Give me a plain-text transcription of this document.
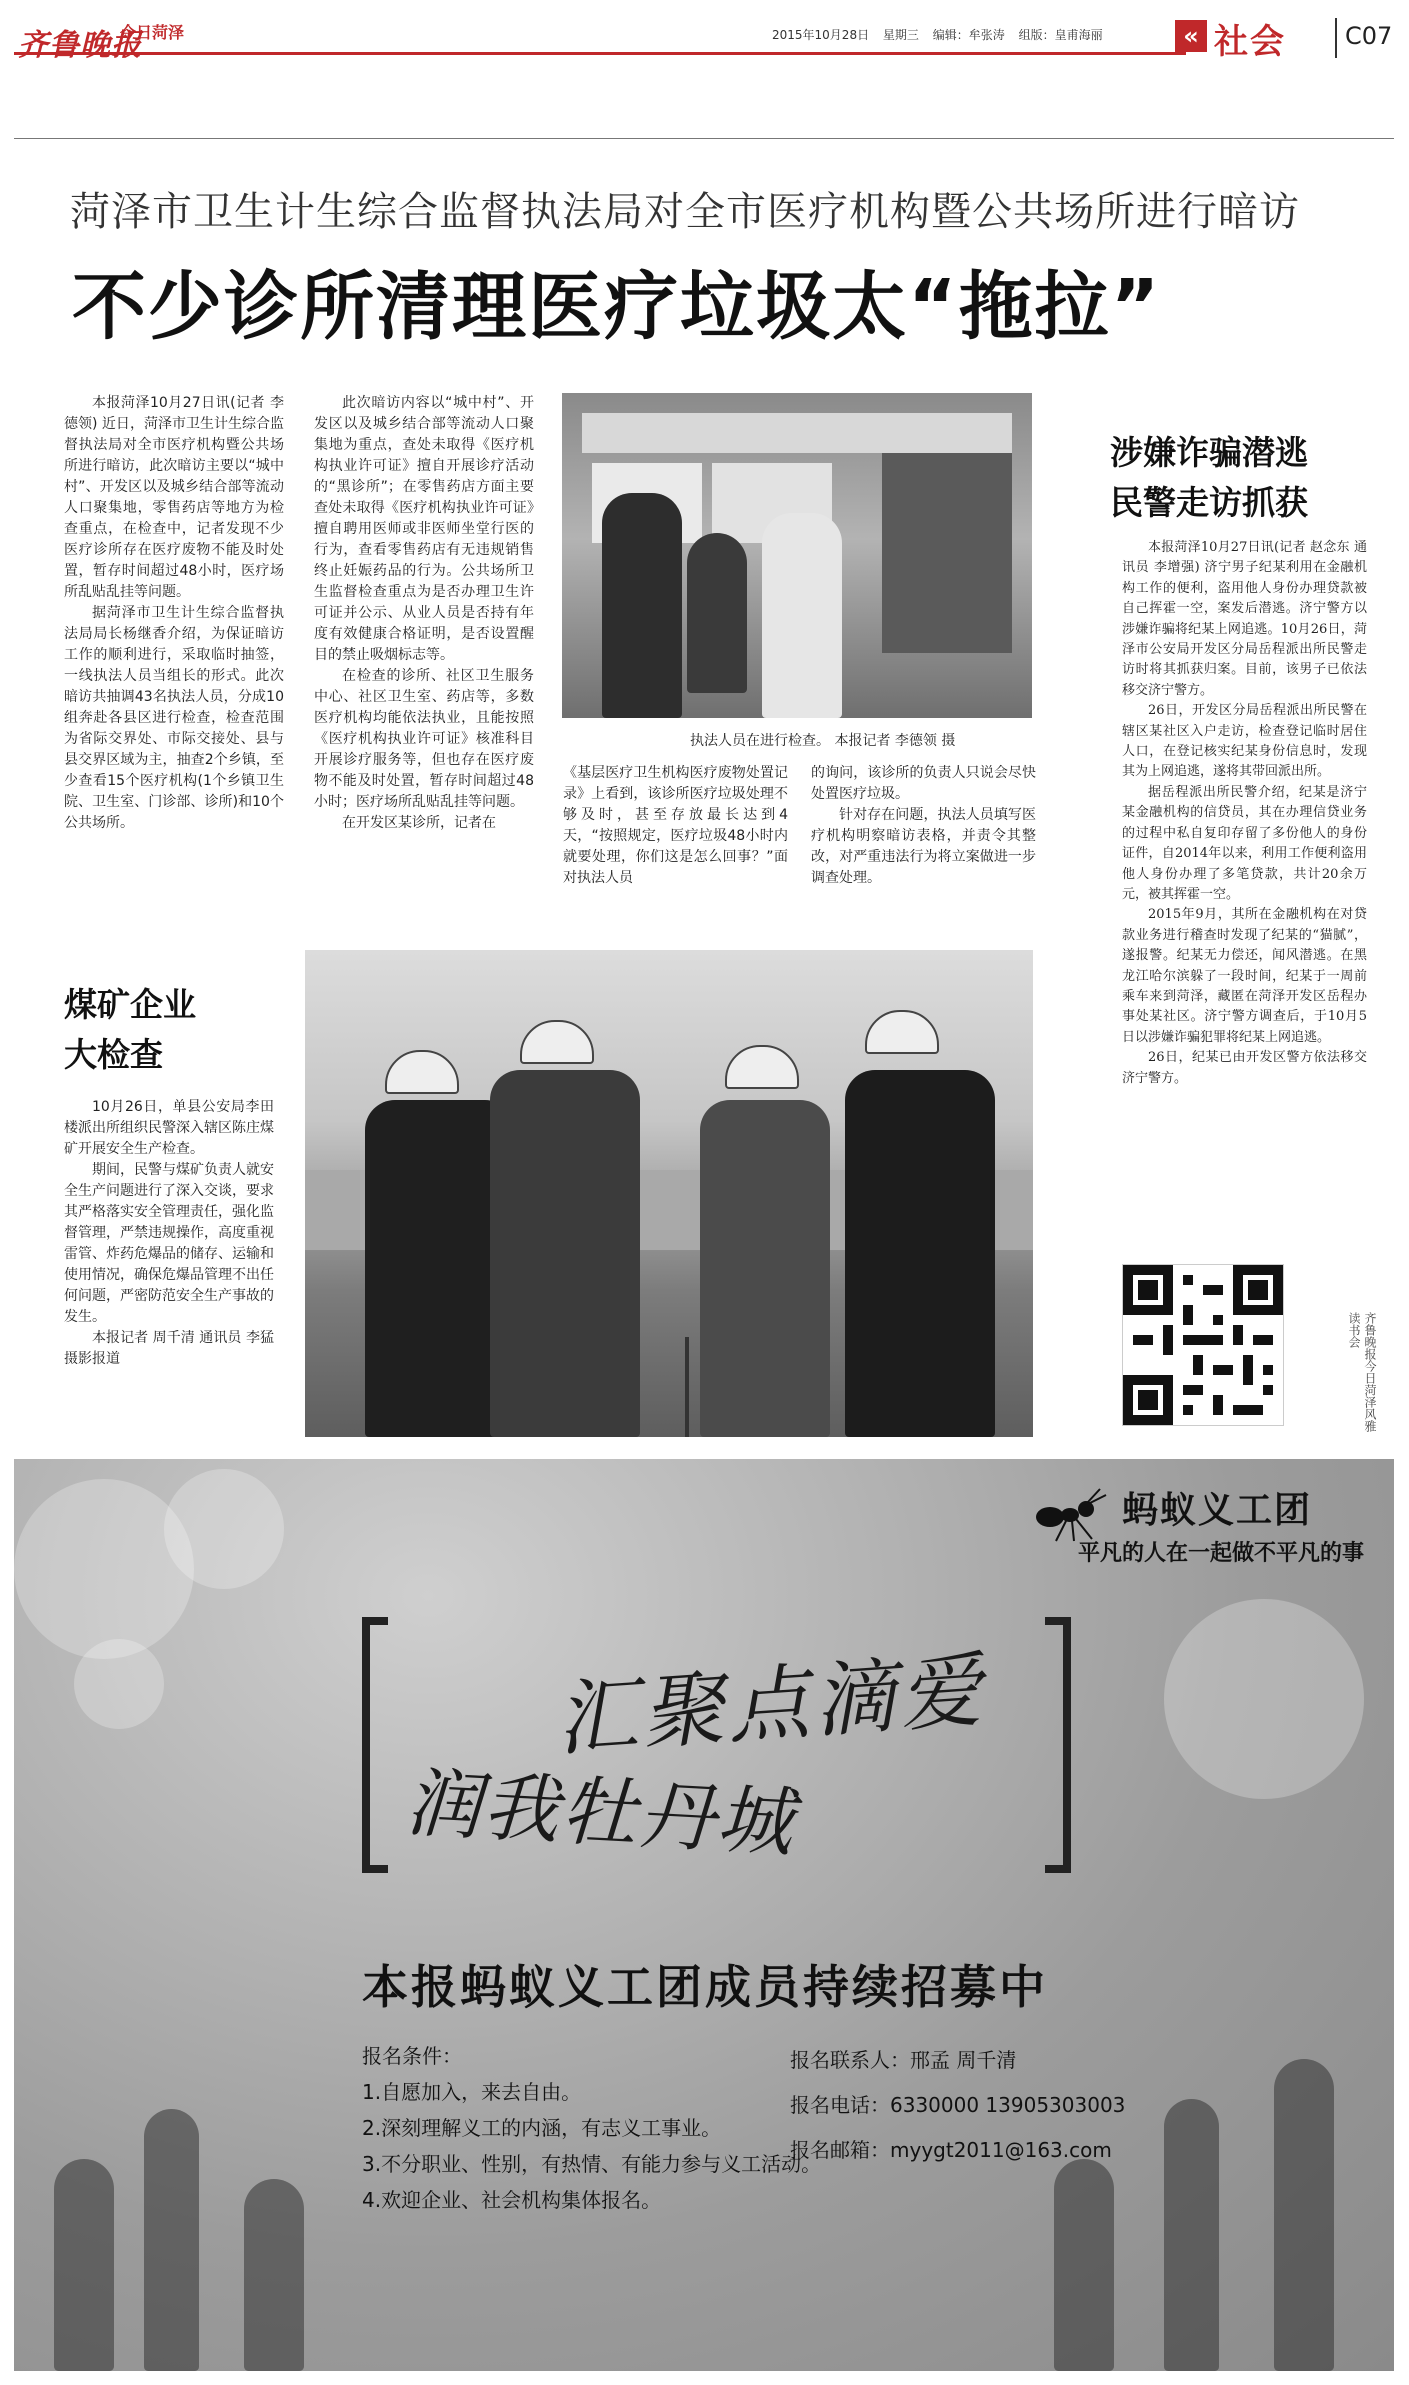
齐鲁晚报
今日菏泽	2015年10月28日 星期三 编辑：牟张涛 组版：皇甫海丽	« 社会 C07
菏泽市卫生计生综合监督执法局对全市医疗机构暨公共场所进行暗访
不少诊所清理医疗垃圾太“拖拉”

本报菏泽10月27日讯(记者 李德领) 近日，菏泽市卫生计生综合监督执法局对全市医疗机构暨公共场所进行暗访，此次暗访主要以“城中村”、开发区以及城乡结合部等流动人口聚集地，零售药店等地方为检查重点，在检查中，记者发现不少医疗诊所存在医疗废物不能及时处置，暂存时间超过48小时，医疗场所乱贴乱挂等问题。

据菏泽市卫生计生综合监督执法局局长杨继香介绍，为保证暗访工作的顺利进行，采取临时抽签，一线执法人员当组长的形式。此次暗访共抽调43名执法人员，分成10组奔赴各县区进行检查，检查范围为省际交界处、市际交接处、县与县交界区域为主，抽查2个乡镇，至少查看15个医疗机构(1个乡镇卫生院、卫生室、门诊部、诊所)和10个公共场所。

此次暗访内容以“城中村”、开发区以及城乡结合部等流动人口聚集地为重点，查处未取得《医疗机构执业许可证》擅自开展诊疗活动的“黑诊所”；在零售药店方面主要查处未取得《医疗机构执业许可证》擅自聘用医师或非医师坐堂行医的行为，查看零售药店有无违规销售终止妊娠药品的行为。公共场所卫生监督检查重点为是否办理卫生许可证并公示、从业人员是否持有年度有效健康合格证明，是否设置醒目的禁止吸烟标志等。

在检查的诊所、社区卫生服务中心、社区卫生室、药店等，多数医疗机构均能依法执业，且能按照《医疗机构执业许可证》核准科目开展诊疗服务等，但也存在医疗废物不能及时处置，暂存时间超过48小时；医疗场所乱贴乱挂等问题。

在开发区某诊所，记者在

执法人员在进行检查。 本报记者 李德领 摄

《基层医疗卫生机构医疗废物处置记录》上看到，该诊所医疗垃圾处理不够及时，甚至存放最长达到4天，“按照规定，医疗垃圾48小时内就要处理，你们这是怎么回事？”面对执法人员

的询问，该诊所的负责人只说会尽快处置医疗垃圾。

针对存在问题，执法人员填写医疗机构明察暗访表格，并责令其整改，对严重违法行为将立案做进一步调查处理。

涉嫌诈骗潜逃
民警走访抓获

本报菏泽10月27日讯(记者 赵念东 通讯员 李增强) 济宁男子纪某利用在金融机构工作的便利，盗用他人身份办理贷款被自己挥霍一空，案发后潜逃。济宁警方以涉嫌诈骗将纪某上网追逃。10月26日，菏泽市公安局开发区分局岳程派出所民警走访时将其抓获归案。目前，该男子已依法移交济宁警方。

26日，开发区分局岳程派出所民警在辖区某社区入户走访，检查登记临时居住人口，在登记核实纪某身份信息时，发现其为上网追逃，遂将其带回派出所。

据岳程派出所民警介绍，纪某是济宁某金融机构的信贷员，其在办理信贷业务的过程中私自复印存留了多份他人的身份证件，自2014年以来，利用工作便利盗用他人身份办理了多笔贷款，共计20余万元，被其挥霍一空。

2015年9月，其所在金融机构在对贷款业务进行稽查时发现了纪某的“猫腻”，遂报警。纪某无力偿还，闻风潜逃。在黑龙江哈尔滨躲了一段时间，纪某于一周前乘车来到菏泽，藏匿在菏泽开发区岳程办事处某社区。济宁警方调查后，于10月5日以涉嫌诈骗犯罪将纪某上网追逃。

26日，纪某已由开发区警方依法移交济宁警方。

齐鲁晚报今日菏泽风雅读书会
煤矿企业
大检查

10月26日，单县公安局李田楼派出所组织民警深入辖区陈庄煤矿开展安全生产检查。

期间，民警与煤矿负责人就安全生产问题进行了深入交谈，要求其严格落实安全管理责任，强化监督管理，严禁违规操作，高度重视雷管、炸药危爆品的储存、运输和使用情况，确保危爆品管理不出任何问题，严密防范安全生产事故的发生。

本报记者 周千清 通讯员 李猛 摄影报道

蚂蚁义工团
平凡的人在一起做不平凡的事
汇聚点滴爱
润我牡丹城
本报蚂蚁义工团成员持续招募中
报名条件：
1.自愿加入，来去自由。
2.深刻理解义工的内涵，有志义工事业。
3.不分职业、性别，有热情、有能力参与义工活动。
4.欢迎企业、社会机构集体报名。
报名联系人：邢孟 周千清
报名电话：6330000 13905303003
报名邮箱：myygt2011@163.com
